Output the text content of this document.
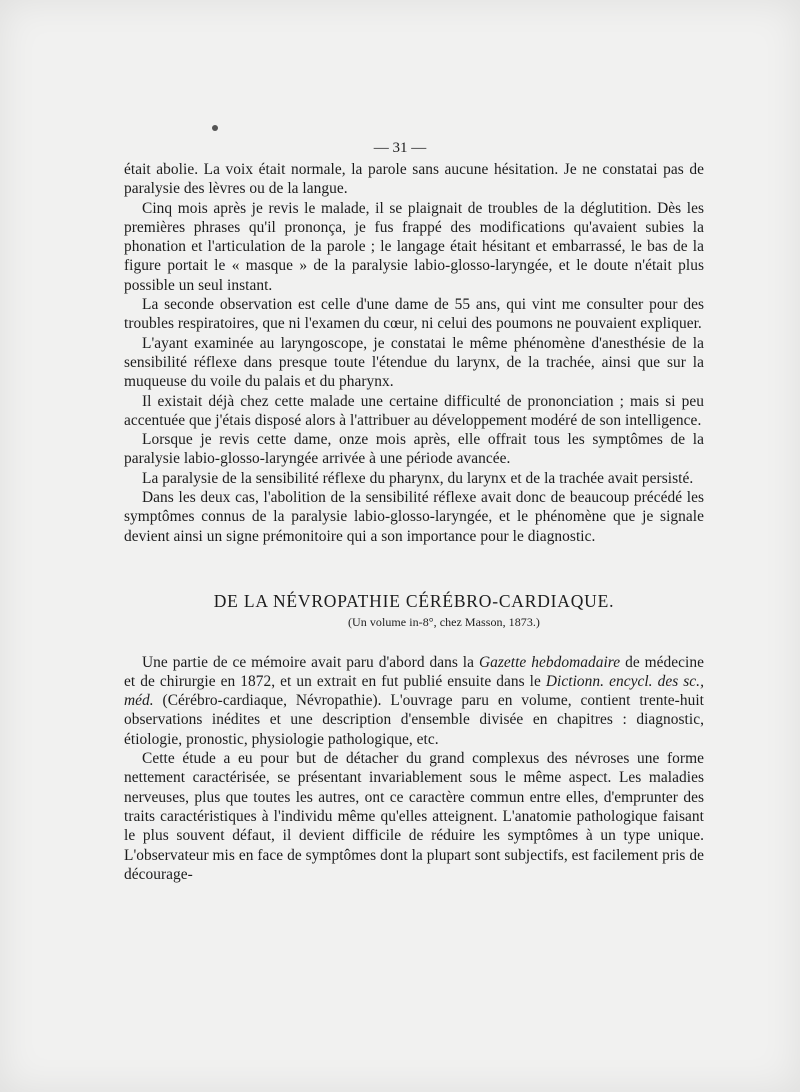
— 31 —

était abolie. La voix était normale, la parole sans aucune hésitation. Je ne constatai pas de paralysie des lèvres ou de la langue.

Cinq mois après je revis le malade, il se plaignait de troubles de la déglutition. Dès les premières phrases qu'il prononça, je fus frappé des modifications qu'avaient subies la phonation et l'articulation de la parole ; le langage était hésitant et embarrassé, le bas de la figure portait le « masque » de la paralysie labio-glosso-laryngée, et le doute n'était plus possible un seul instant.

La seconde observation est celle d'une dame de 55 ans, qui vint me consulter pour des troubles respiratoires, que ni l'examen du cœur, ni celui des poumons ne pouvaient expliquer.

L'ayant examinée au laryngoscope, je constatai le même phénomène d'anesthésie de la sensibilité réflexe dans presque toute l'étendue du larynx, de la trachée, ainsi que sur la muqueuse du voile du palais et du pharynx.

Il existait déjà chez cette malade une certaine difficulté de prononciation ; mais si peu accentuée que j'étais disposé alors à l'attribuer au développement modéré de son intelligence.

Lorsque je revis cette dame, onze mois après, elle offrait tous les symptômes de la paralysie labio-glosso-laryngée arrivée à une période avancée.

La paralysie de la sensibilité réflexe du pharynx, du larynx et de la trachée avait persisté.

Dans les deux cas, l'abolition de la sensibilité réflexe avait donc de beaucoup précédé les symptômes connus de la paralysie labio-glosso-laryngée, et le phénomène que je signale devient ainsi un signe prémonitoire qui a son importance pour le diagnostic.

DE LA NÉVROPATHIE CÉRÉBRO-CARDIAQUE.
(Un volume in-8°, chez Masson, 1873.)

Une partie de ce mémoire avait paru d'abord dans la Gazette hebdomadaire de médecine et de chirurgie en 1872, et un extrait en fut publié ensuite dans le Dictionn. encycl. des sc., méd. (Cérébro-cardiaque, Névropathie). L'ouvrage paru en volume, contient trente-huit observations inédites et une description d'ensemble divisée en chapitres : diagnostic, étiologie, pronostic, physiologie pathologique, etc.

Cette étude a eu pour but de détacher du grand complexus des névroses une forme nettement caractérisée, se présentant invariablement sous le même aspect. Les maladies nerveuses, plus que toutes les autres, ont ce caractère commun entre elles, d'emprunter des traits caractéristiques à l'individu même qu'elles atteignent. L'anatomie pathologique faisant le plus souvent défaut, il devient difficile de réduire les symptômes à un type unique. L'observateur mis en face de symptômes dont la plupart sont subjectifs, est facilement pris de décourage-
